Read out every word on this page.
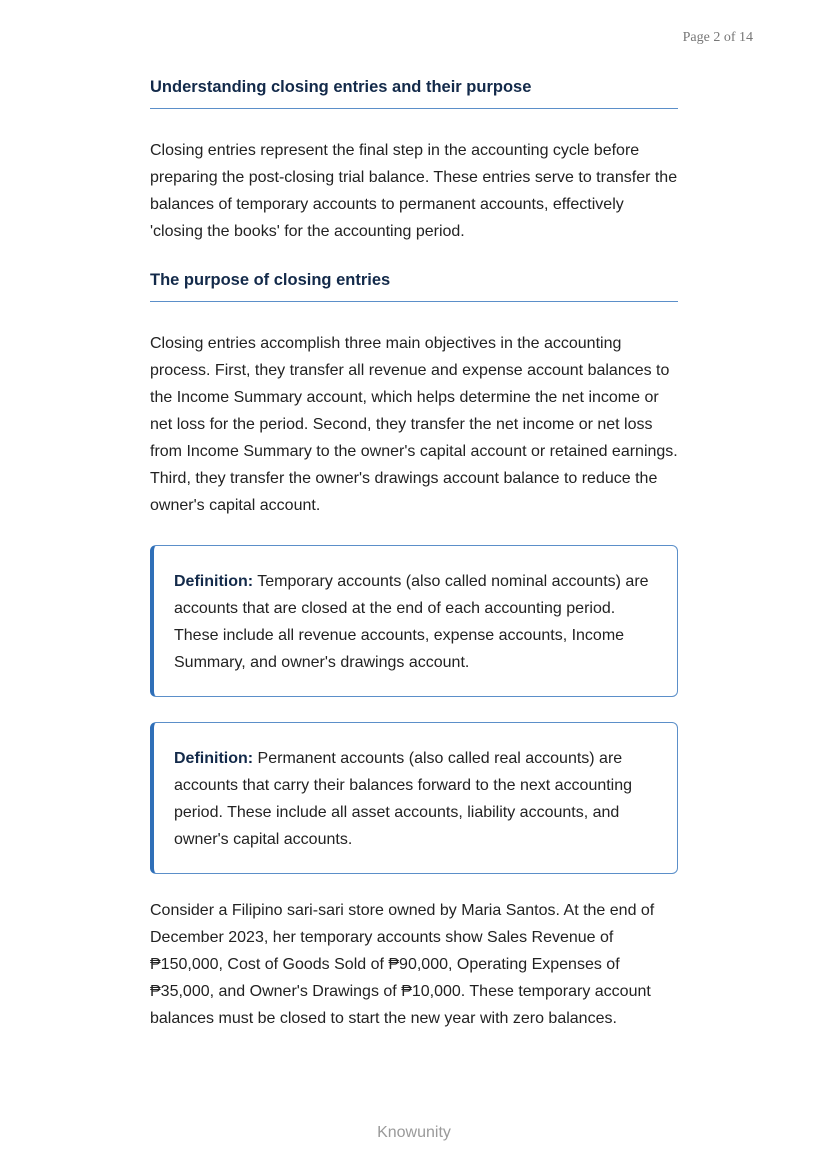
Page 2 of 14
Understanding closing entries and their purpose

Closing entries represent the final step in the accounting cycle before preparing the post-closing trial balance. These entries serve to transfer the balances of temporary accounts to permanent accounts, effectively 'closing the books' for the accounting period.

The purpose of closing entries

Closing entries accomplish three main objectives in the accounting process. First, they transfer all revenue and expense account balances to the Income Summary account, which helps determine the net income or net loss for the period. Second, they transfer the net income or net loss from Income Summary to the owner's capital account or retained earnings. Third, they transfer the owner's drawings account balance to reduce the owner's capital account.

Definition: Temporary accounts (also called nominal accounts) are accounts that are closed at the end of each accounting period. These include all revenue accounts, expense accounts, Income Summary, and owner's drawings account.
Definition: Permanent accounts (also called real accounts) are accounts that carry their balances forward to the next accounting period. These include all asset accounts, liability accounts, and owner's capital accounts.

Consider a Filipino sari-sari store owned by Maria Santos. At the end of December 2023, her temporary accounts show Sales Revenue of ₱150,000, Cost of Goods Sold of ₱90,000, Operating Expenses of ₱35,000, and Owner's Drawings of ₱10,000. These temporary account balances must be closed to start the new year with zero balances.

Knowunity
